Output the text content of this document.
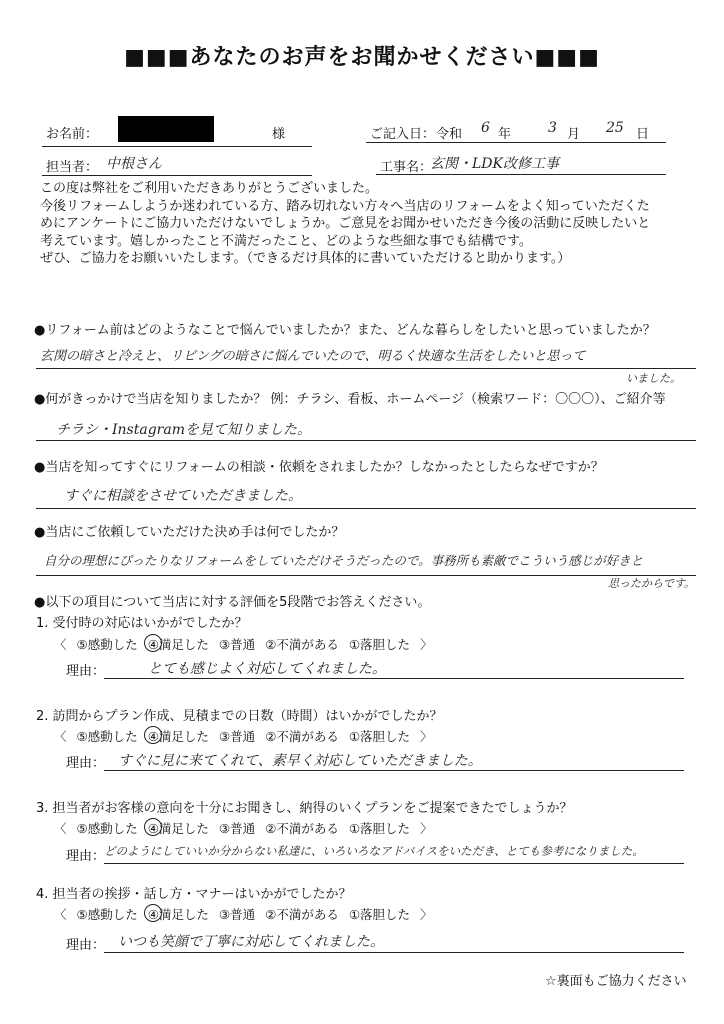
■■■あなたのお声をお聞かせください■■■
お名前：	様	ご記入日： 令和 6 年	3 月 25 日
担当者： 中根さん	工事名：
玄関・LDK改修工事
この度は弊社をご利用いただきありがとうございました。
今後リフォームしようか迷われている方、踏み切れない方々へ当店のリフォームをよく知っていただくた
めにアンケートにご協力いただけないでしょうか。ご意見をお聞かせいただき今後の活動に反映したいと
考えています。嬉しかったこと不満だったこと、どのような些細な事でも結構です。
ぜひ、ご協力をお願いいたします。（できるだけ具体的に書いていただけると助かります。）
●リフォーム前はどのようなことで悩んでいましたか？また、どんな暮らしをしたいと思っていましたか？
玄関の暗さと冷えと、リビングの暗さに悩んでいたので、明るく快適な生活をしたいと思って
いました。
●何がきっかけで当店を知りましたか？ 例：チラシ、看板、ホームページ（検索ワード：〇〇〇）、ご紹介等
チラシ・Instagramを見て知りました。
●当店を知ってすぐにリフォームの相談・依頼をされましたか？しなかったとしたらなぜですか？
すぐに相談をさせていただきました。
●当店にご依頼していただけた決め手は何でしたか？
自分の理想にぴったりなリフォームをしていただけそうだったので。事務所も素敵でこういう感じが好きと
思ったからです。
●以下の項目について当店に対する評価を5段階でお答えください。
1. 受付時の対応はいかがでしたか？
〈 ⑤感動した ④満足した ③普通 ②不満がある ①落胆した 〉
理由：	とても感じよく対応してくれました。
2. 訪問からプラン作成、見積までの日数（時間）はいかがでしたか？
〈 ⑤感動した ④満足した ③普通 ②不満がある ①落胆した 〉
理由： すぐに見に来てくれて、素早く対応していただきました。
3. 担当者がお客様の意向を十分にお聞きし、納得のいくプランをご提案できたでしょうか？
〈 ⑤感動した ④満足した ③普通 ②不満がある ①落胆した 〉
理由：
どのようにしていいか分からない私達に、いろいろなアドバイスをいただき、とても参考になりました。
4. 担当者の挨拶・話し方・マナーはいかがでしたか？
〈 ⑤感動した ④満足した ③普通 ②不満がある ①落胆した 〉
理由： いつも笑顔で丁寧に対応してくれました。
☆裏面もご協力ください
